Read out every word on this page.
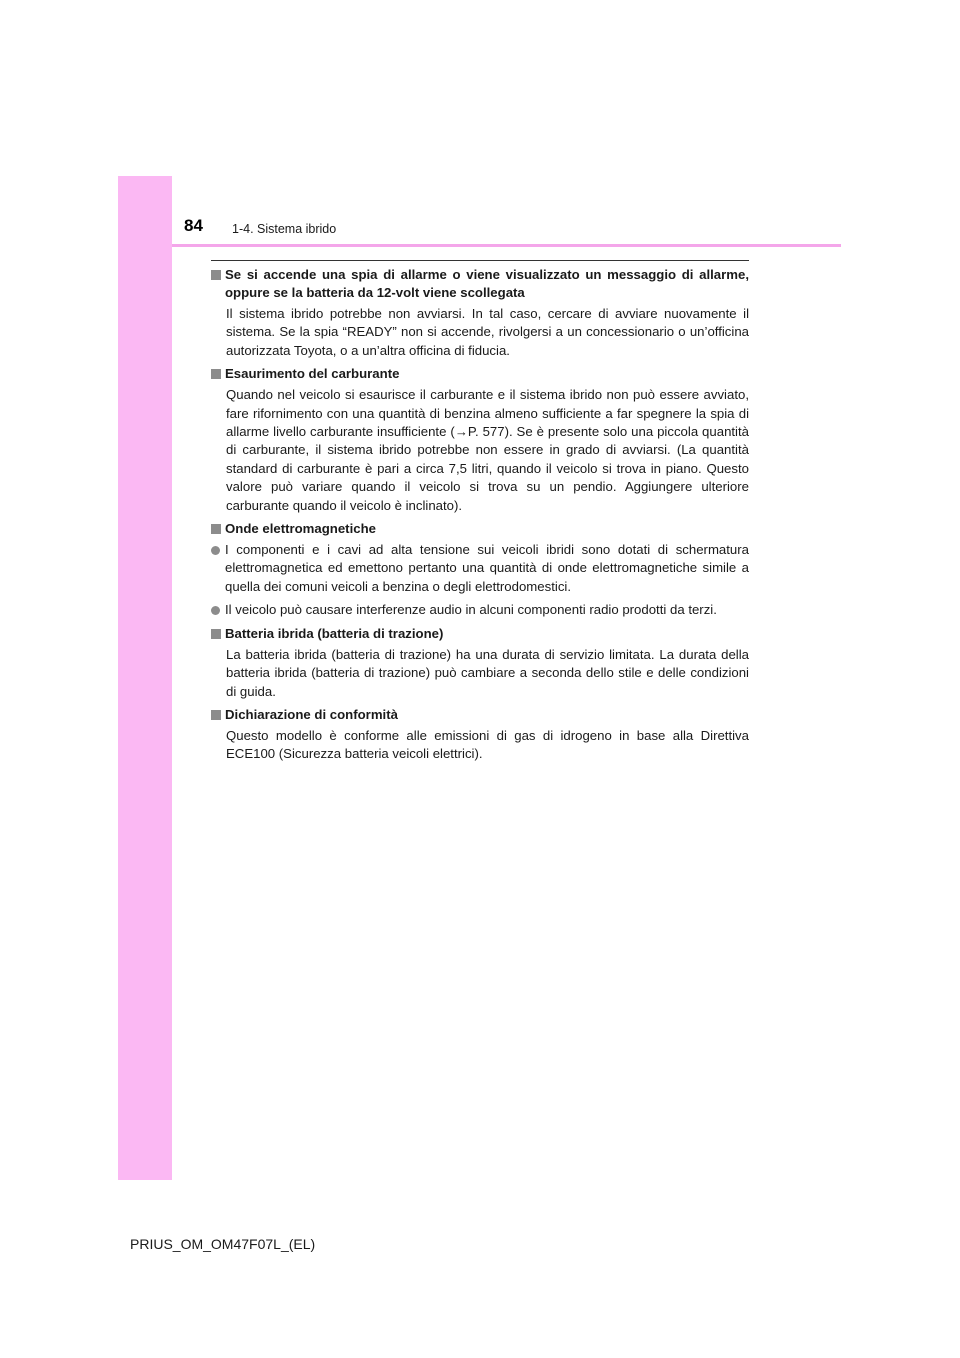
84 1-4. Sistema ibrido
Se si accende una spia di allarme o viene visualizzato un messaggio di allarme, oppure se la batteria da 12-volt viene scollegata
Il sistema ibrido potrebbe non avviarsi. In tal caso, cercare di avviare nuovamente il sistema. Se la spia “READY” non si accende, rivolgersi a un concessionario o un’officina autorizzata Toyota, o a un’altra officina di fiducia.
Esaurimento del carburante
Quando nel veicolo si esaurisce il carburante e il sistema ibrido non può essere avviato, fare rifornimento con una quantità di benzina almeno sufficiente a far spegnere la spia di allarme livello carburante insufficiente (→P. 577). Se è presente solo una piccola quantità di carburante, il sistema ibrido potrebbe non essere in grado di avviarsi. (La quantità standard di carburante è pari a circa 7,5 litri, quando il veicolo si trova in piano. Questo valore può variare quando il veicolo si trova su un pendio. Aggiungere ulteriore carburante quando il veicolo è inclinato).
Onde elettromagnetiche
I componenti e i cavi ad alta tensione sui veicoli ibridi sono dotati di schermatura elettromagnetica ed emettono pertanto una quantità di onde elettromagnetiche simile a quella dei comuni veicoli a benzina o degli elettrodomestici.
Il veicolo può causare interferenze audio in alcuni componenti radio prodotti da terzi.
Batteria ibrida (batteria di trazione)
La batteria ibrida (batteria di trazione) ha una durata di servizio limitata. La durata della batteria ibrida (batteria di trazione) può cambiare a seconda dello stile e delle condizioni di guida.
Dichiarazione di conformità
Questo modello è conforme alle emissioni di gas di idrogeno in base alla Direttiva ECE100 (Sicurezza batteria veicoli elettrici).
PRIUS_OM_OM47F07L_(EL)
